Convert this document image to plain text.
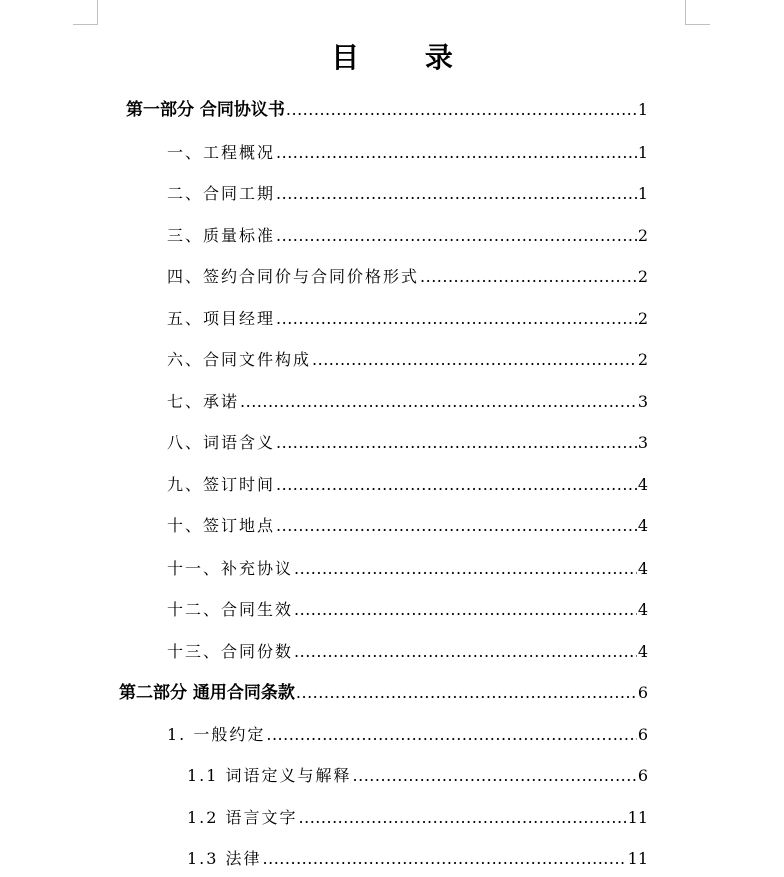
目 录
第一部分 合同协议书 .....	1
一、工程概况 .....	1
二、合同工期 .....	1
三、质量标准 .....	2
四、签约合同价与合同价格形式 .....	2
五、项目经理 .....	2
六、合同文件构成 .....	2
七、承诺 .....	3
八、词语含义 .....	3
九、签订时间 .....	4
十、签订地点 .....	4
十一、补充协议 .....	4
十二、合同生效 .....	4
十三、合同份数 .....	4
第二部分 通用合同条款 .....	6
1. 一般约定 .....	6
1.1 词语定义与解释 .....	6
1.2 语言文字 .....	11
1.3 法律 .....	11
